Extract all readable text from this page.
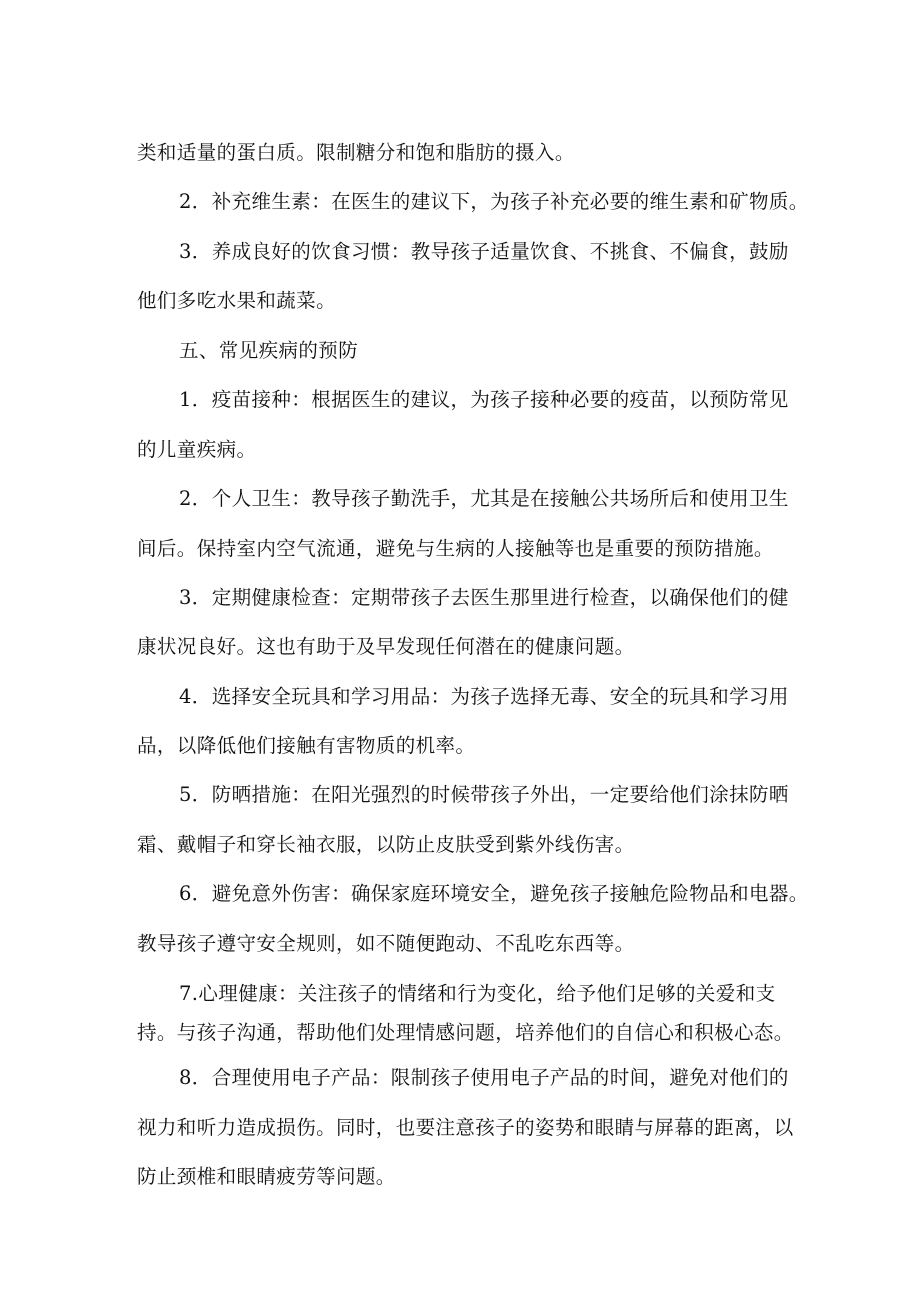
类和适量的蛋白质。限制糖分和饱和脂肪的摄入。

2．补充维生素：在医生的建议下，为孩子补充必要的维生素和矿物质。

3．养成良好的饮食习惯：教导孩子适量饮食、不挑食、不偏食，鼓励

他们多吃水果和蔬菜。

五、常见疾病的预防

1．疫苗接种：根据医生的建议，为孩子接种必要的疫苗，以预防常见

的儿童疾病。

2．个人卫生：教导孩子勤洗手，尤其是在接触公共场所后和使用卫生

间后。保持室内空气流通，避免与生病的人接触等也是重要的预防措施。

3．定期健康检查：定期带孩子去医生那里进行检查，以确保他们的健

康状况良好。这也有助于及早发现任何潜在的健康问题。

4．选择安全玩具和学习用品：为孩子选择无毒、安全的玩具和学习用

品，以降低他们接触有害物质的机率。

5．防晒措施：在阳光强烈的时候带孩子外出，一定要给他们涂抹防晒

霜、戴帽子和穿长袖衣服，以防止皮肤受到紫外线伤害。

6．避免意外伤害：确保家庭环境安全，避免孩子接触危险物品和电器。

教导孩子遵守安全规则，如不随便跑动、不乱吃东西等。

7.心理健康：关注孩子的情绪和行为变化，给予他们足够的关爱和支

持。与孩子沟通，帮助他们处理情感问题，培养他们的自信心和积极心态。

8．合理使用电子产品：限制孩子使用电子产品的时间，避免对他们的

视力和听力造成损伤。同时，也要注意孩子的姿势和眼睛与屏幕的距离，以

防止颈椎和眼睛疲劳等问题。
